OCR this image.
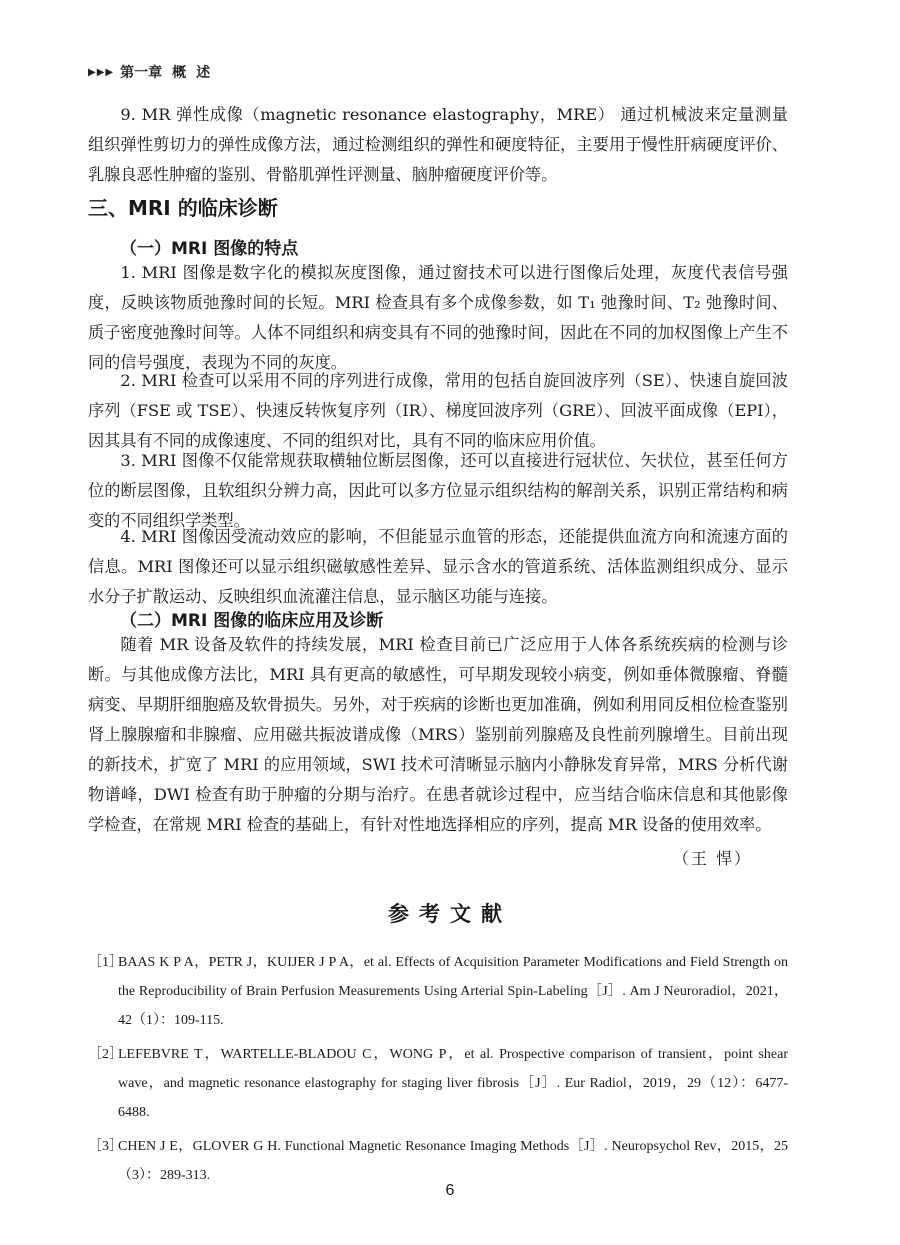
▶▶▶ 第一章 概述

9. MR 弹性成像（magnetic resonance elastography，MRE） 通过机械波来定量测量组织弹性剪切力的弹性成像方法，通过检测组织的弹性和硬度特征，主要用于慢性肝病硬度评价、乳腺良恶性肿瘤的鉴别、骨骼肌弹性评测量、脑肿瘤硬度评价等。

三、MRI 的临床诊断
（一）MRI 图像的特点

1. MRI 图像是数字化的模拟灰度图像，通过窗技术可以进行图像后处理，灰度代表信号强度，反映该物质弛豫时间的长短。MRI 检查具有多个成像参数，如 T₁ 弛豫时间、T₂ 弛豫时间、质子密度弛豫时间等。人体不同组织和病变具有不同的弛豫时间，因此在不同的加权图像上产生不同的信号强度，表现为不同的灰度。

2. MRI 检查可以采用不同的序列进行成像，常用的包括自旋回波序列（SE）、快速自旋回波序列（FSE 或 TSE）、快速反转恢复序列（IR）、梯度回波序列（GRE）、回波平面成像（EPI），因其具有不同的成像速度、不同的组织对比，具有不同的临床应用价值。

3. MRI 图像不仅能常规获取横轴位断层图像，还可以直接进行冠状位、矢状位，甚至任何方位的断层图像，且软组织分辨力高，因此可以多方位显示组织结构的解剖关系，识别正常结构和病变的不同组织学类型。

4. MRI 图像因受流动效应的影响，不但能显示血管的形态，还能提供血流方向和流速方面的信息。MRI 图像还可以显示组织磁敏感性差异、显示含水的管道系统、活体监测组织成分、显示水分子扩散运动、反映组织血流灌注信息，显示脑区功能与连接。

（二）MRI 图像的临床应用及诊断

随着 MR 设备及软件的持续发展，MRI 检查目前已广泛应用于人体各系统疾病的检测与诊断。与其他成像方法比，MRI 具有更高的敏感性，可早期发现较小病变，例如垂体微腺瘤、脊髓病变、早期肝细胞癌及软骨损失。另外，对于疾病的诊断也更加准确，例如利用同反相位检查鉴别肾上腺腺瘤和非腺瘤、应用磁共振波谱成像（MRS）鉴别前列腺癌及良性前列腺增生。目前出现的新技术，扩宽了 MRI 的应用领域，SWI 技术可清晰显示脑内小静脉发育异常，MRS 分析代谢物谱峰，DWI 检查有助于肿瘤的分期与治疗。在患者就诊过程中，应当结合临床信息和其他影像学检查，在常规 MRI 检查的基础上，有针对性地选择相应的序列，提高 MR 设备的使用效率。

（王 悍）
参考文献
［1］
BAAS K P A，PETR J，KUIJER J P A，et al. Effects of Acquisition Parameter Modifications and Field Strength on the Reproducibility of Brain Perfusion Measurements Using Arterial Spin-Labeling［J］. Am J Neuroradiol，2021，42（1）：109-115.
［2］
LEFEBVRE T，WARTELLE-BLADOU C，WONG P，et al. Prospective comparison of transient，point shear wave，and magnetic resonance elastography for staging liver fibrosis［J］. Eur Radiol，2019，29（12）：6477-6488.
［3］
CHEN J E，GLOVER G H. Functional Magnetic Resonance Imaging Methods［J］. Neuropsychol Rev，2015，25（3）：289-313.
6
